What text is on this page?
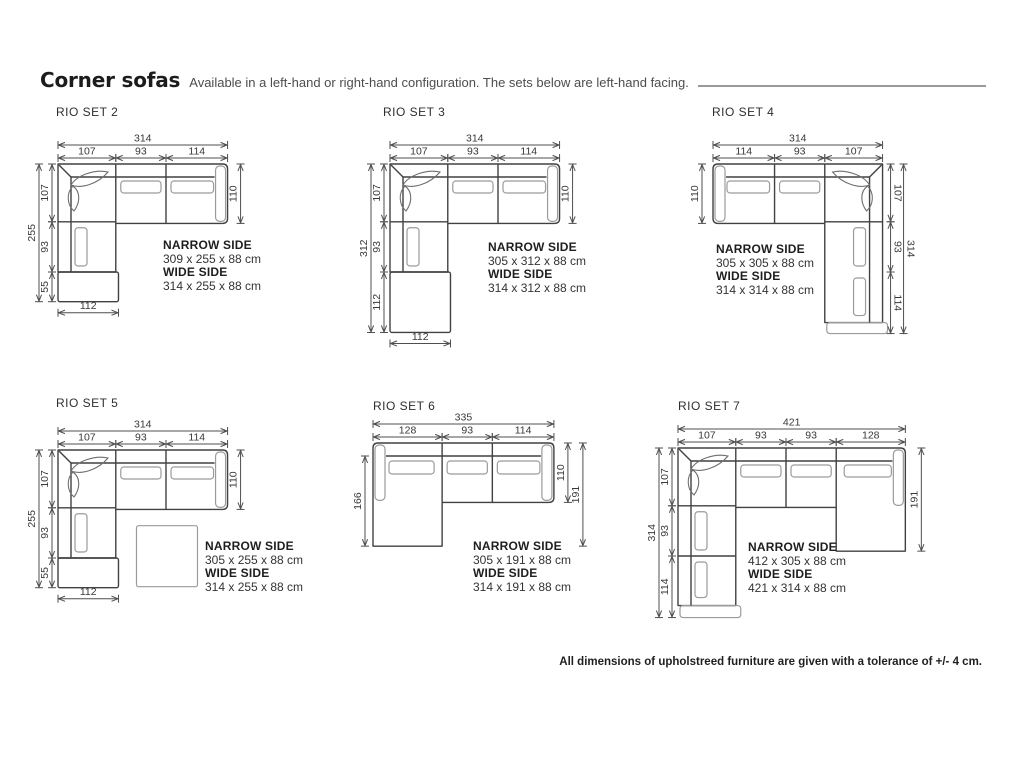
Corner sofas Available in a left-hand or right-hand configuration. The sets below are left-hand facing.
107	93	114
314
107
93
55
255
110
112
107	93	114
314
107
93
112
312
110
112
114	93	107
314
110	107
93
114
314
107	93	114
314
107
93
55
255
110
112
128	93	114
335
166
110
191
107	93	93	128
421
107
93
114
314
191
RIO SET 2	RIO SET 3	RIO SET 4
RIO SET 5	RIO SET 6	RIO SET 7
NARROW SIDE
309 x 255 x 88 cm
WIDE SIDE
314 x 255 x 88 cm
NARROW SIDE
305 x 312 x 88 cm
WIDE SIDE
314 x 312 x 88 cm
NARROW SIDE
305 x 305 x 88 cm
WIDE SIDE
314 x 314 x 88 cm
NARROW SIDE
305 x 255 x 88 cm
WIDE SIDE
314 x 255 x 88 cm
NARROW SIDE
305 x 191 x 88 cm
WIDE SIDE
314 x 191 x 88 cm
NARROW SIDE
412 x 305 x 88 cm
WIDE SIDE
421 x 314 x 88 cm
All dimensions of upholstreed furniture are given with a tolerance of +/- 4 cm.
